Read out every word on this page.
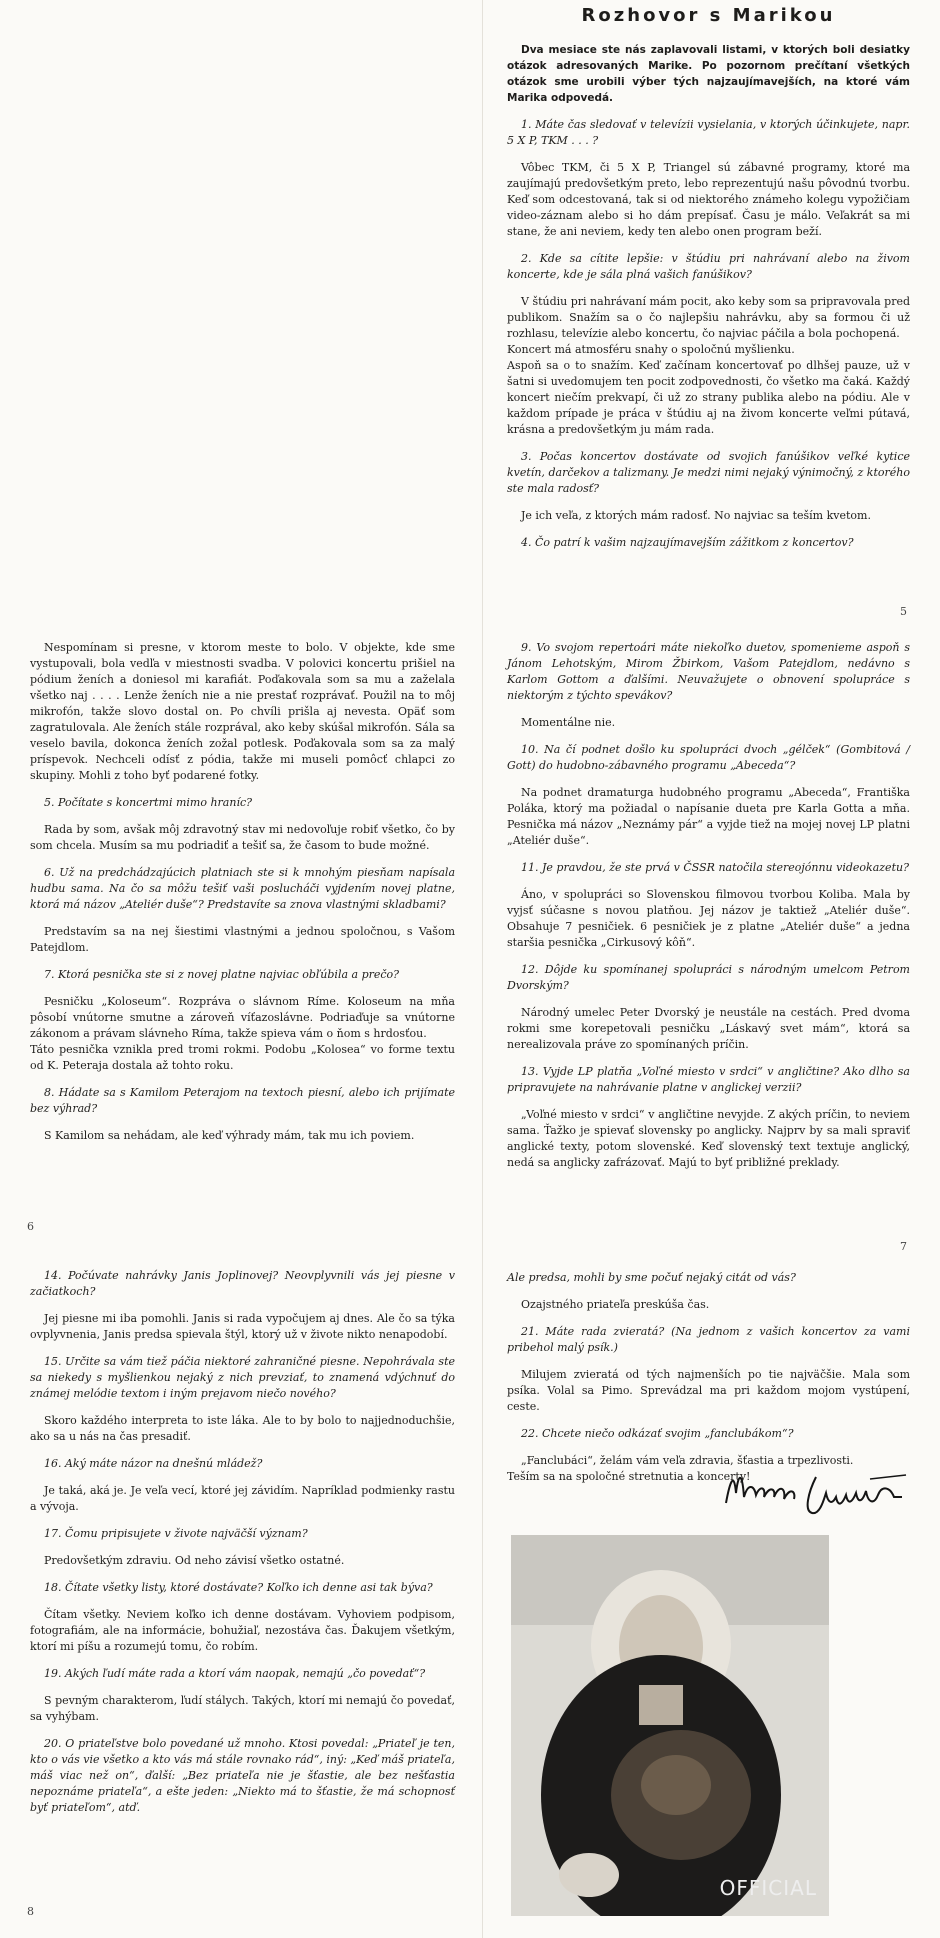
Rozhovor s Marikou

Dva mesiace ste nás zaplavovali listami, v ktorých boli desiatky otázok adresovaných Marike. Po pozornom prečítaní všetkých otázok sme urobili výber tých najzaujímavejších, na ktoré vám Marika odpovedá.

1. Máte čas sledovať v televízii vysielania, v ktorých účinkujete, napr. 5 X P, TKM . . . ?

Vôbec TKM, či 5 X P, Triangel sú zábavné programy, ktoré ma zaujímajú predovšetkým preto, lebo reprezentujú našu pôvodnú tvorbu. Keď som odcestovaná, tak si od niektorého známeho kolegu vypožičiam video-záznam alebo si ho dám prepísať. Času je málo. Veľakrát sa mi stane, že ani neviem, kedy ten alebo onen program beží.

2. Kde sa cítite lepšie: v štúdiu pri nahrávaní alebo na živom koncerte, kde je sála plná vašich fanúšikov?

V štúdiu pri nahrávaní mám pocit, ako keby som sa pripravovala pred publikom. Snažím sa o čo najlepšiu nahrávku, aby sa formou či už rozhlasu, televízie alebo koncertu, čo najviac páčila a bola pochopená.

Koncert má atmosféru snahy o spoločnú myšlienku.

Aspoň sa o to snažím. Keď začínam koncertovať po dlhšej pauze, už v šatni si uvedomujem ten pocit zodpovednosti, čo všetko ma čaká. Každý koncert niečím prekvapí, či už zo strany publika alebo na pódiu. Ale v každom prípade je práca v štúdiu aj na živom koncerte veľmi pútavá, krásna a predovšetkým ju mám rada.

3. Počas koncertov dostávate od svojich fanúšikov veľké kytice kvetín, darčekov a talizmany. Je medzi nimi nejaký výnimočný, z ktorého ste mala radosť?

Je ich veľa, z ktorých mám radosť. No najviac sa teším kvetom.

4. Čo patrí k vašim najzaujímavejším zážitkom z koncertov?

5

Nespomínam si presne, v ktorom meste to bolo. V objekte, kde sme vystupovali, bola vedľa v miestnosti svadba. V polovici koncertu prišiel na pódium ženích a doniesol mi karafiát. Poďakovala som sa mu a zaželala všetko naj . . . . Lenže ženích nie a nie prestať rozprávať. Použil na to môj mikrofón, takže slovo dostal on. Po chvíli prišla aj nevesta. Opäť som zagratulovala. Ale ženích stále rozprával, ako keby skúšal mikrofón. Sála sa veselo bavila, dokonca ženích zožal potlesk. Poďakovala som sa za malý príspevok. Nechceli odísť z pódia, takže mi museli pomôcť chlapci zo skupiny. Mohli z toho byť podarené fotky.

5. Počítate s koncertmi mimo hraníc?

Rada by som, avšak môj zdravotný stav mi nedovoľuje robiť všetko, čo by som chcela. Musím sa mu podriadiť a tešiť sa, že časom to bude možné.

6. Už na predchádzajúcich platniach ste si k mnohým piesňam napísala hudbu sama. Na čo sa môžu tešiť vaši poslucháči vyjdením novej platne, ktorá má názov „Ateliér duše“? Predstavíte sa znova vlastnými skladbami?

Predstavím sa na nej šiestimi vlastnými a jednou spoločnou, s Vašom Patejdlom.

7. Ktorá pesnička ste si z novej platne najviac obľúbila a prečo?

Pesničku „Koloseum“. Rozpráva o slávnom Ríme. Koloseum na mňa pôsobí vnútorne smutne a zároveň víťazoslávne. Podriaďuje sa vnútorne zákonom a právam slávneho Ríma, takže spieva vám o ňom s hrdosťou.

Táto pesnička vznikla pred tromi rokmi. Podobu „Kolosea“ vo forme textu od K. Peteraja dostala až tohto roku.

8. Hádate sa s Kamilom Peterajom na textoch piesní, alebo ich prijímate bez výhrad?

S Kamilom sa nehádam, ale keď výhrady mám, tak mu ich poviem.

6

9. Vo svojom repertoári máte niekoľko duetov, spomenieme aspoň s Jánom Lehotským, Mirom Žbirkom, Vašom Patejdlom, nedávno s Karlom Gottom a ďalšími. Neuvažujete o obnovení spolupráce s niektorým z týchto spevákov?

Momentálne nie.

10. Na čí podnet došlo ku spolupráci dvoch „gélček“ (Gombitová / Gott) do hudobno-zábavného programu „Abeceda“?

Na podnet dramaturga hudobného programu „Abeceda“, Františka Poláka, ktorý ma požiadal o napísanie dueta pre Karla Gotta a mňa. Pesnička má názov „Neznámy pár“ a vyjde tiež na mojej novej LP platni „Ateliér duše“.

11. Je pravdou, že ste prvá v ČSSR natočila stereojónnu videokazetu?

Áno, v spolupráci so Slovenskou filmovou tvorbou Koliba. Mala by vyjsť súčasne s novou platňou. Jej názov je taktiež „Ateliér duše“. Obsahuje 7 pesničiek. 6 pesničiek je z platne „Ateliér duše“ a jedna staršia pesnička „Cirkusový kôň“.

12. Dôjde ku spomínanej spolupráci s národným umelcom Petrom Dvorským?

Národný umelec Peter Dvorský je neustále na cestách. Pred dvoma rokmi sme korepetovali pesničku „Láskavý svet mám“, ktorá sa nerealizovala práve zo spomínaných príčin.

13. Vyjde LP platňa „Voľné miesto v srdci“ v angličtine? Ako dlho sa pripravujete na nahrávanie platne v anglickej verzii?

„Voľné miesto v srdci“ v angličtine nevyjde. Z akých príčin, to neviem sama. Ťažko je spievať slovensky po anglicky. Najprv by sa mali spraviť anglické texty, potom slovenské. Keď slovenský text textuje anglický, nedá sa anglicky zafrázovať. Majú to byť približné preklady.

7

14. Počúvate nahrávky Janis Joplinovej? Neovplyvnili vás jej piesne v začiatkoch?

Jej piesne mi iba pomohli. Janis si rada vypočujem aj dnes. Ale čo sa týka ovplyvnenia, Janis predsa spievala štýl, ktorý už v živote nikto nenapodobí.

15. Určite sa vám tiež páčia niektoré zahraničné piesne. Nepohrávala ste sa niekedy s myšlienkou nejaký z nich prevziať, to znamená vdýchnuť do známej melódie textom i iným prejavom niečo nového?

Skoro každého interpreta to iste láka. Ale to by bolo to najjednoduchšie, ako sa u nás na čas presadiť.

16. Aký máte názor na dnešnú mládež?

Je taká, aká je. Je veľa vecí, ktoré jej závidím. Napríklad podmienky rastu a vývoja.

17. Čomu pripisujete v živote najväčší význam?

Predovšetkým zdraviu. Od neho závisí všetko ostatné.

18. Čítate všetky listy, ktoré dostávate? Koľko ich denne asi tak býva?

Čítam všetky. Neviem koľko ich denne dostávam. Vyhoviem podpisom, fotografiám, ale na informácie, bohužiaľ, nezostáva čas. Ďakujem všetkým, ktorí mi píšu a rozumejú tomu, čo robím.

19. Akých ľudí máte rada a ktorí vám naopak, nemajú „čo povedať“?

S pevným charakterom, ľudí stálych. Takých, ktorí mi nemajú čo povedať, sa vyhýbam.

20. O priateľstve bolo povedané už mnoho. Ktosi povedal: „Priateľ je ten, kto o vás vie všetko a kto vás má stále rovnako rád“, iný: „Keď máš priateľa, máš viac než on“, ďalší: „Bez priateľa nie je šťastie, ale bez nešťastia nepoznáme priateľa“, a ešte jeden: „Niekto má to šťastie, že má schopnosť byť priateľom“, atď.

8

Ale predsa, mohli by sme počuť nejaký citát od vás?

Ozajstného priateľa preskúša čas.

21. Máte rada zvieratá? (Na jednom z vašich koncertov za vami pribehol malý psík.)

Milujem zvieratá od tých najmenších po tie najväčšie. Mala som psíka. Volal sa Pimo. Sprevádzal ma pri každom mojom vystúpení, ceste.

22. Chcete niečo odkázať svojim „fanclubákom“?

„Fanclubáci“, želám vám veľa zdravia, šťastia a trpezlivosti.

Teším sa na spoločné stretnutia a koncerty!

OFFICIAL
